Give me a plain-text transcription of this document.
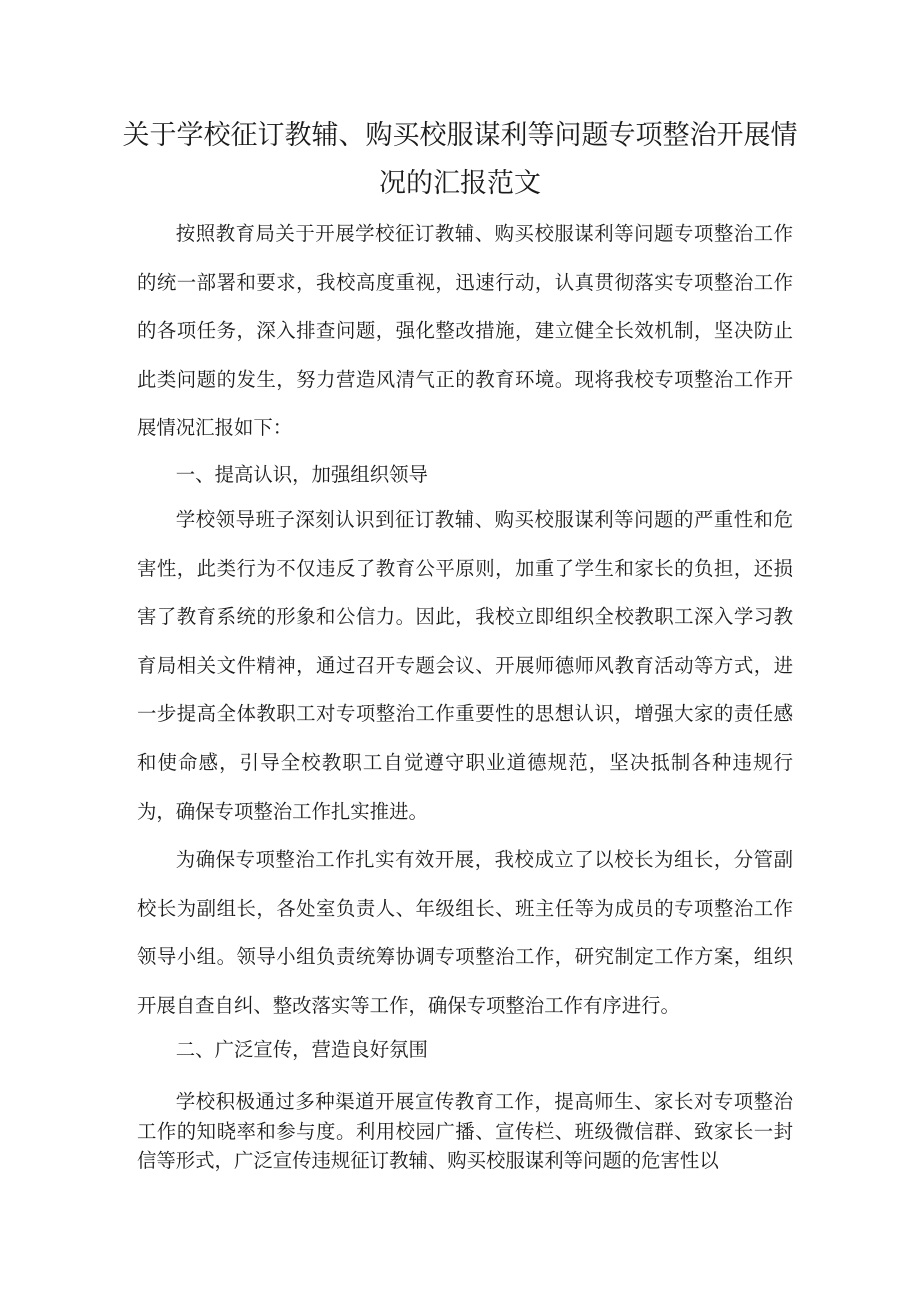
关于学校征订教辅、购买校服谋利等问题专项整治开展情
况的汇报范文

按照教育局关于开展学校征订教辅、购买校服谋利等问题专项整治工作的统一部署和要求，我校高度重视，迅速行动，认真贯彻落实专项整治工作的各项任务，深入排查问题，强化整改措施，建立健全长效机制，坚决防止此类问题的发生，努力营造风清气正的教育环境。现将我校专项整治工作开展情况汇报如下：

一、提高认识，加强组织领导

学校领导班子深刻认识到征订教辅、购买校服谋利等问题的严重性和危害性，此类行为不仅违反了教育公平原则，加重了学生和家长的负担，还损害了教育系统的形象和公信力。因此，我校立即组织全校教职工深入学习教育局相关文件精神，通过召开专题会议、开展师德师风教育活动等方式，进一步提高全体教职工对专项整治工作重要性的思想认识，增强大家的责任感和使命感，引导全校教职工自觉遵守职业道德规范，坚决抵制各种违规行为，确保专项整治工作扎实推进。

为确保专项整治工作扎实有效开展，我校成立了以校长为组长，分管副校长为副组长，各处室负责人、年级组长、班主任等为成员的专项整治工作领导小组。领导小组负责统筹协调专项整治工作，研究制定工作方案，组织开展自查自纠、整改落实等工作，确保专项整治工作有序进行。

二、广泛宣传，营造良好氛围

学校积极通过多种渠道开展宣传教育工作，提高师生、家长对专项整治工作的知晓率和参与度。利用校园广播、宣传栏、班级微信群、致家长一封信等形式，广泛宣传违规征订教辅、购买校服谋利等问题的危害性以
